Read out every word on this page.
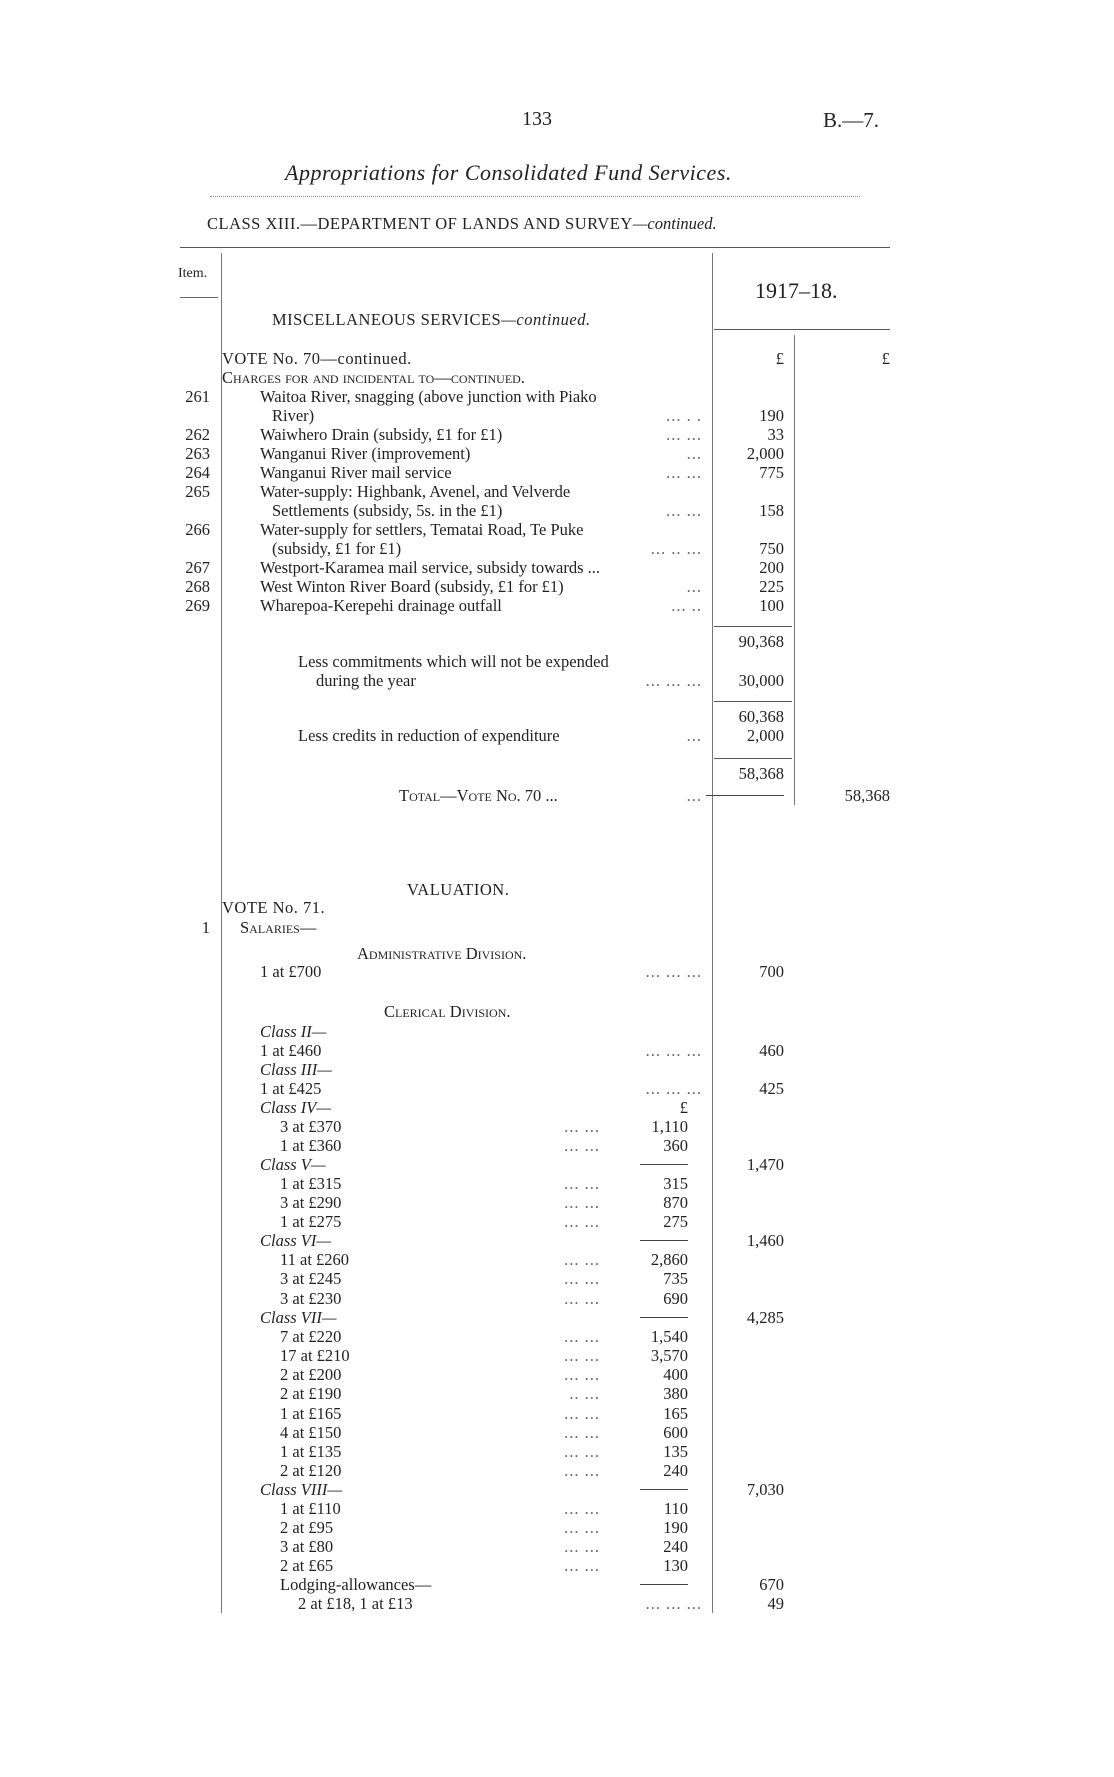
133	B.—7.
Appropriations for Consolidated Fund Services.
CLASS XIII.—DEPARTMENT OF LANDS AND SURVEY—continued.
Item.
1917–18.
MISCELLANEOUS SERVICES—continued.
VOTE No. 70—continued.	£	£
Charges for and incidental to—continued.
261	Waitoa River, snagging (above junction with Piako
River)	... . .	190
262	Waiwhero Drain (subsidy, £1 for £1)	... ...	33
263	Wanganui River (improvement)	...	2,000
264	Wanganui River mail service	... ...	775
265	Water-supply: Highbank, Avenel, and Velverde
Settlements (subsidy, 5s. in the £1)	... ...	158
266	Water-supply for settlers, Tematai Road, Te Puke
(subsidy, £1 for £1)	... .. ...	750
267	Westport-Karamea mail service, subsidy towards ...	200
268	West Winton River Board (subsidy, £1 for £1)	...	225
269	Wharepoa-Kerepehi drainage outfall	... ..	100
90,368
Less commitments which will not be expended
during the year	... ... ...	30,000
60,368
Less credits in reduction of expenditure	...	2,000
58,368
Total—Vote No. 70 ...	...	58,368
VALUATION.
VOTE No. 71.
1 Salaries—
Administrative Division.
1 at £700	... ... ...	700
Clerical Division.
Class II—
1 at £460	... ... ...	460
Class III—
1 at £425	... ... ...	425
Class IV—	£
3 at £370	... ...	1,110
1 at £360	... ...	360
Class V—	1,470
1 at £315	... ...	315
3 at £290	... ...	870
1 at £275	... ...	275
Class VI—	1,460
11 at £260	... ...	2,860
3 at £245	... ...	735
3 at £230	... ...	690
Class VII—	4,285
7 at £220	... ...	1,540
17 at £210	... ...	3,570
2 at £200	... ...	400
2 at £190	.. ...	380
1 at £165	... ...	165
4 at £150	... ...	600
1 at £135	... ...	135
2 at £120	... ...	240
Class VIII—	7,030
1 at £110	... ...	110
2 at £95	... ...	190
3 at £80	... ...	240
2 at £65	... ...	130
Lodging-allowances—	670
2 at £18, 1 at £13	... ... ...	49
